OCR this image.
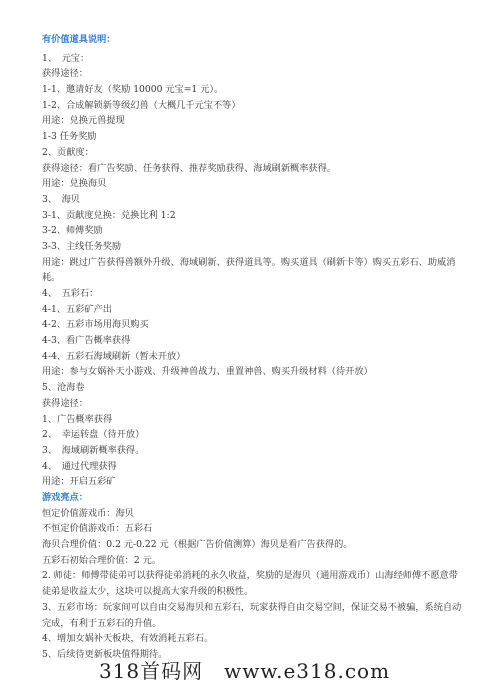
有价值道具说明：
1、　元宝：
获得途径：
1-1、邀请好友（奖励 10000 元宝=1 元）。
1-2、合成解锁新等级幻兽（大概几千元宝不等）
用途：兑换元兽提现
1-3 任务奖励
2、贡献度：
获得途径：看广告奖励、任务获得、推荐奖励获得、海域刷新概率获得。
用途：兑换海贝
3、　海贝
3-1、贡献度兑换：兑换比利 1:2
3-2、师傅奖励
3-3、主线任务奖励
用途：跳过广告获得兽额外升级、海域刷新、获得道具等。购买道具（刷新卡等）购买五彩石、助威消耗。
4、　五彩石：
4-1、五彩矿产出
4-2、五彩市场用海贝购买
4-3、看广告概率获得
4-4、五彩石海域刷新（暂未开放）
用途：参与女娲补天小游戏、升级神兽战力、重置神兽、购买升级材料（待开放）
5、沧海卷
获得途径：
1、广告概率获得
2、　幸运转盘（待开放）
3、　海域刷新概率获得。
4、　通过代理获得
用途：开启五彩矿
游戏亮点：
恒定价值游戏币：海贝
不恒定价值游戏币：五彩石
海贝合理价值：0.2 元-0.22 元（根据广告价值测算）海贝是看广告获得的。
五彩石初始合理价值：2 元。
2. 师徒：师傅带徒弟可以获得徒弟消耗的永久收益，奖励的是海贝（通用游戏币）山海经师傅不愿意带徒弟是收益太少，这块可以提高大家升级的积极性。
3、五彩市场：玩家间可以自由交易海贝和五彩石，玩家获得自由交易空间，保证交易不被骗，系统自动完成，有利于五彩石的升值。
4、增加女娲补天板块，有效消耗五彩石。
5、后续待更新板块值得期待。
318首码网　www.e318.com
